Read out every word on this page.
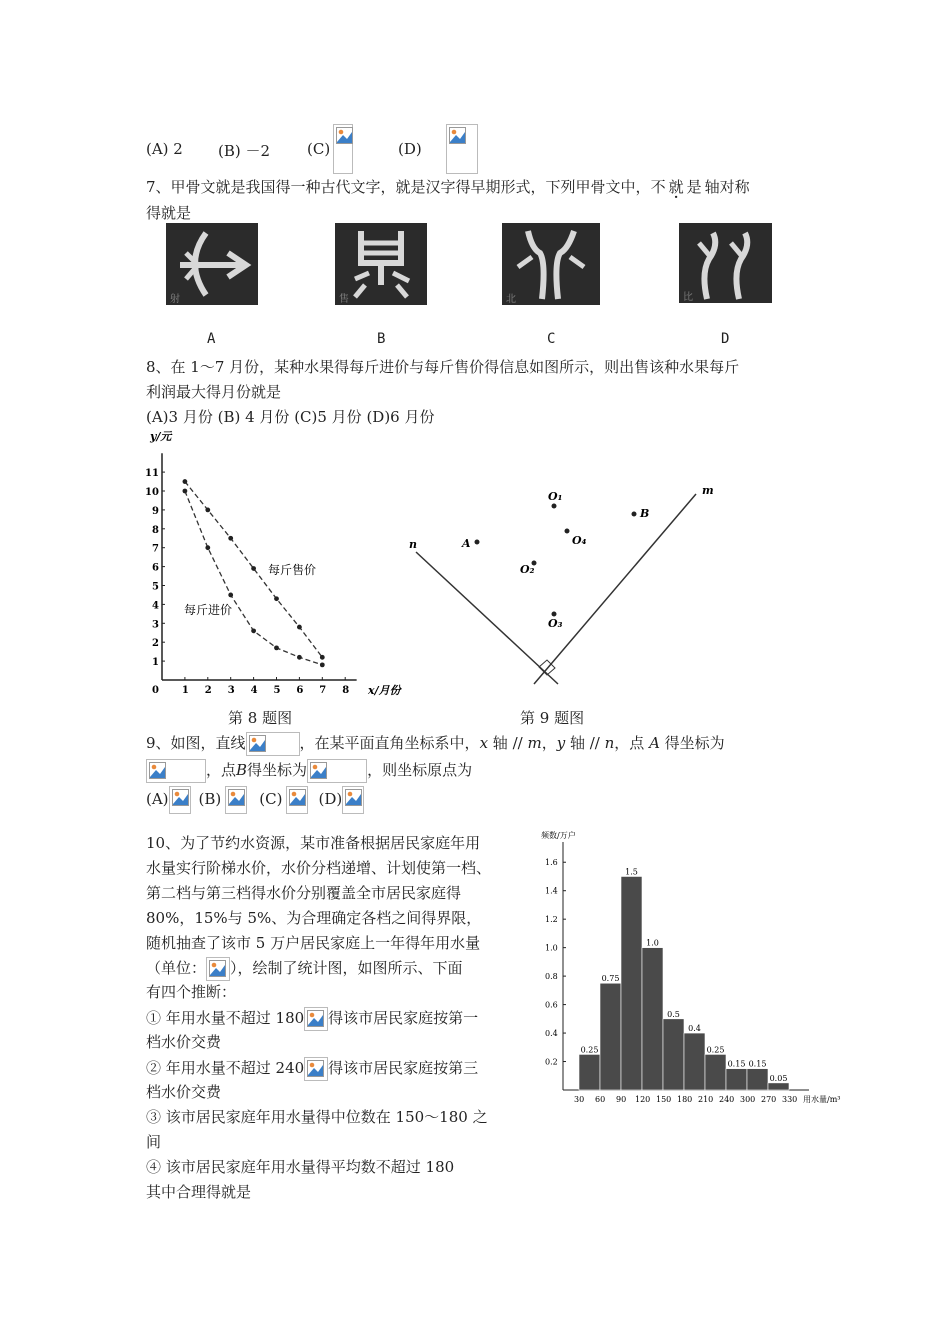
(A) 2 (B) －2 (C)
	(D)
7、甲骨文就是我国得一种古代文字，就是汉字得早期形式，下列甲骨文中，不就是轴对称
得就是
射	售	北	比
A	B	C	D
8、在 1～7 月份，某种水果得每斤进价与每斤售价得信息如图所示，则出售该种水果每斤
利润最大得月份就是
(A)3 月份 (B) 4 月份 (C)5 月份 (D)6 月份
0 1 2 3 4 5 6 7 8
1
2
3
4
5
6
7
8
9
10
11
y/元
x/月份
每斤售价
每斤进价
第 8 题图
n
m
A
B
O₁
O₄
O₂
O₃
第 9 题图
9、如图，直线	，在某平面直角坐标系中，x 轴 // m，y 轴 // n，点 A 得坐标为
，点B得坐标为	，则坐标原点为
(A) (B)	(C) (D)
10、为了节约水资源，某市准备根据居民家庭年用
水量实行阶梯水价，水价分档递增、计划使第一档、
第二档与第三档得水价分别覆盖全市居民家庭得
80%，15%与 5%、为合理确定各档之间得界限，
随机抽查了该市 5 万户居民家庭上一年得年用水量
（单位： ），绘制了统计图，如图所示、下面
有四个推断：
① 年用水量不超过 180 得该市居民家庭按第一
档水价交费
② 年用水量不超过 240 得该市居民家庭按第三
档水价交费
③ 该市居民家庭年用水量得中位数在 150～180 之
间
④ 该市居民家庭年用水量得平均数不超过 180
其中合理得就是
0.2
0.4
0.6
0.8
1.0
1.2
1.4
1.6
30 60 90 120 150 180 210 240 300 270 330
0.25
0.75
1.5
1.0
0.5
0.4
0.25
0.15 0.15
0.05
频数/万户
用水量/m³
